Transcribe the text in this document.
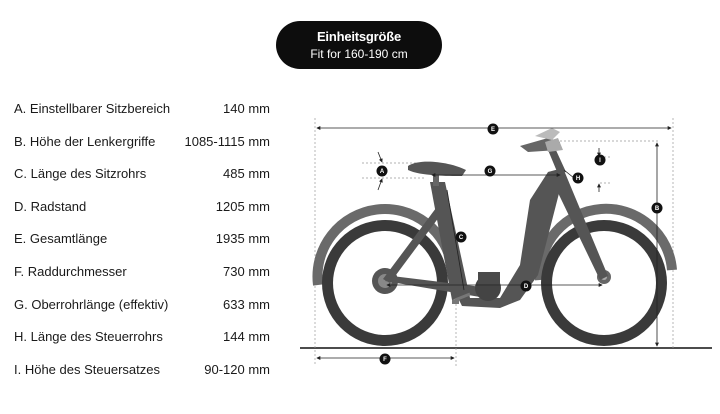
Einheitsgröße
Fit for 160-190 cm
A. Einstellbarer Sitzbereich	140 mm
B. Höhe der Lenkergriffe 1085-1115 mm
C. Länge des Sitzrohrs	485 mm
D. Radstand	1205 mm
E. Gesamtlänge	1935 mm
F. Raddurchmesser	730 mm
G. Oberrohrlänge (effektiv)	633 mm
H. Länge des Steuerrohrs	144 mm
I. Höhe des Steuersatzes	90-120 mm
E
B
A	G
I
H
C
D
F
